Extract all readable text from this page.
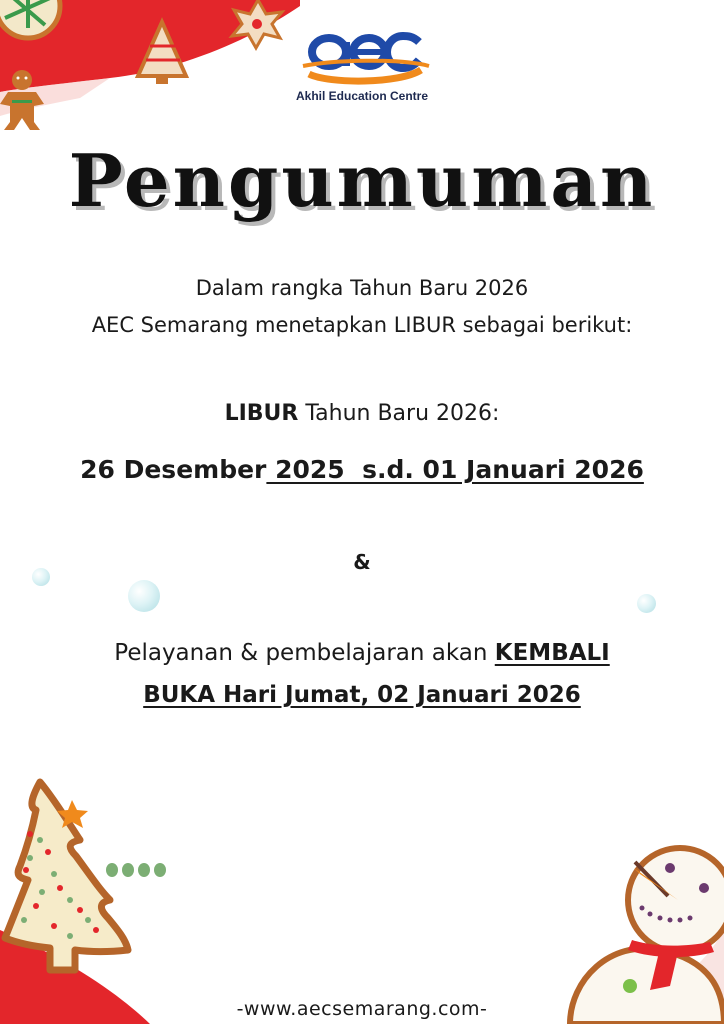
Akhil Education Centre
Pengumuman
Dalam rangka Tahun Baru 2026
AEC Semarang menetapkan LIBUR sebagai berikut:
LIBUR Tahun Baru 2026:
26 Desember 2025  s.d. 01 Januari 2026
&
Pelayanan & pembelajaran akan KEMBALI
BUKA Hari Jumat, 02 Januari 2026
-www.aecsemarang.com-
